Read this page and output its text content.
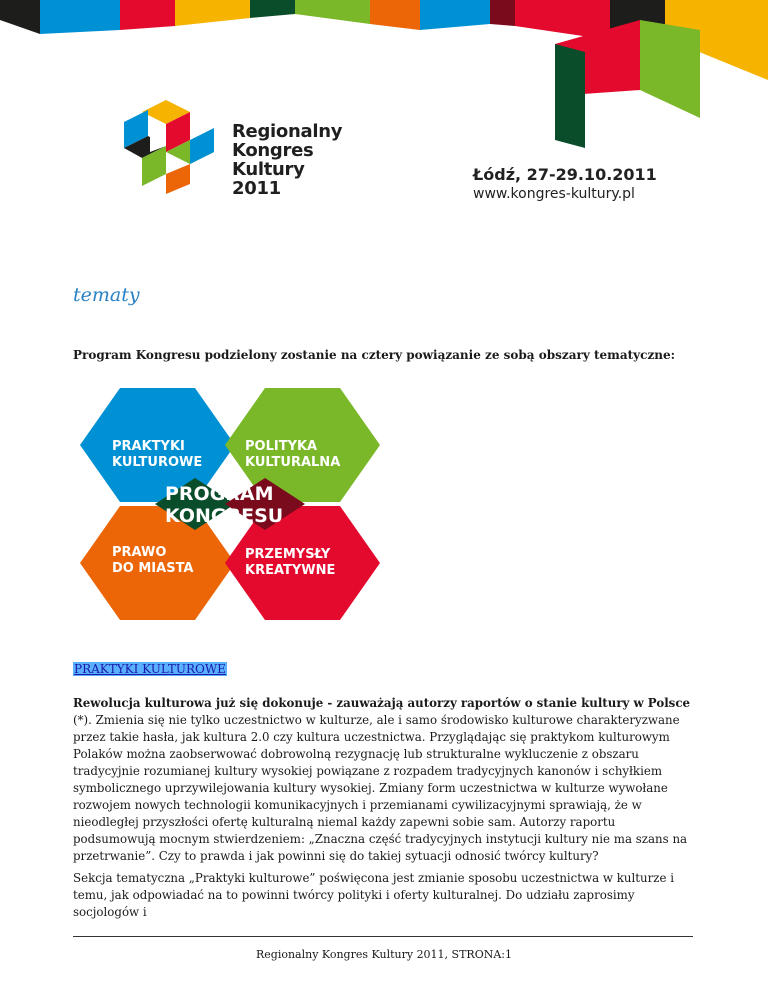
Regionalny
Kongres
Kultury
2011
Łódź, 27-29.10.2011
www.kongres-kultury.pl
tematy
Program Kongresu podzielony zostanie na cztery powiązanie ze sobą obszary tematyczne:
PRAKTYKI
KULTUROWE
POLITYKA
KULTURALNA
PRAWO
DO MIASTA
PRZEMYSŁY
KREATYWNE
PROGRAM
KONGRESU
PRAKTYKI KULTUROWE

Rewolucja kulturowa już się dokonuje - zauważają autorzy raportów o stanie kultury w Polsce (*). Zmienia się nie tylko uczestnictwo w kulturze, ale i samo środowisko kulturowe charakteryzwane przez takie hasła, jak kultura 2.0 czy kultura uczestnictwa. Przyglądając się praktykom kulturowym Polaków można zaobserwować dobrowolną rezygnację lub strukturalne wykluczenie z obszaru tradycyjnie rozumianej kultury wysokiej powiązane z rozpadem tradycyjnych kanonów i schyłkiem symbolicznego uprzywilejowania kultury wysokiej. Zmiany form uczestnictwa w kulturze wywołane rozwojem nowych technologii komunikacyjnych i przemianami cywilizacyjnymi sprawiają, że w nieodległej przyszłości ofertę kulturalną niemal każdy zapewni sobie sam. Autorzy raportu podsumowują mocnym stwierdzeniem: „Znaczna część tradycyjnych instytucji kultury nie ma szans na przetrwanie”. Czy to prawda i jak powinni się do takiej sytuacji odnosić twórcy kultury?

Sekcja tematyczna „Praktyki kulturowe” poświęcona jest zmianie sposobu uczestnictwa w kulturze i temu, jak odpowiadać na to powinni twórcy polityki i oferty kulturalnej. Do udziału zaprosimy socjologów i

Regionalny Kongres Kultury 2011, STRONA:1
